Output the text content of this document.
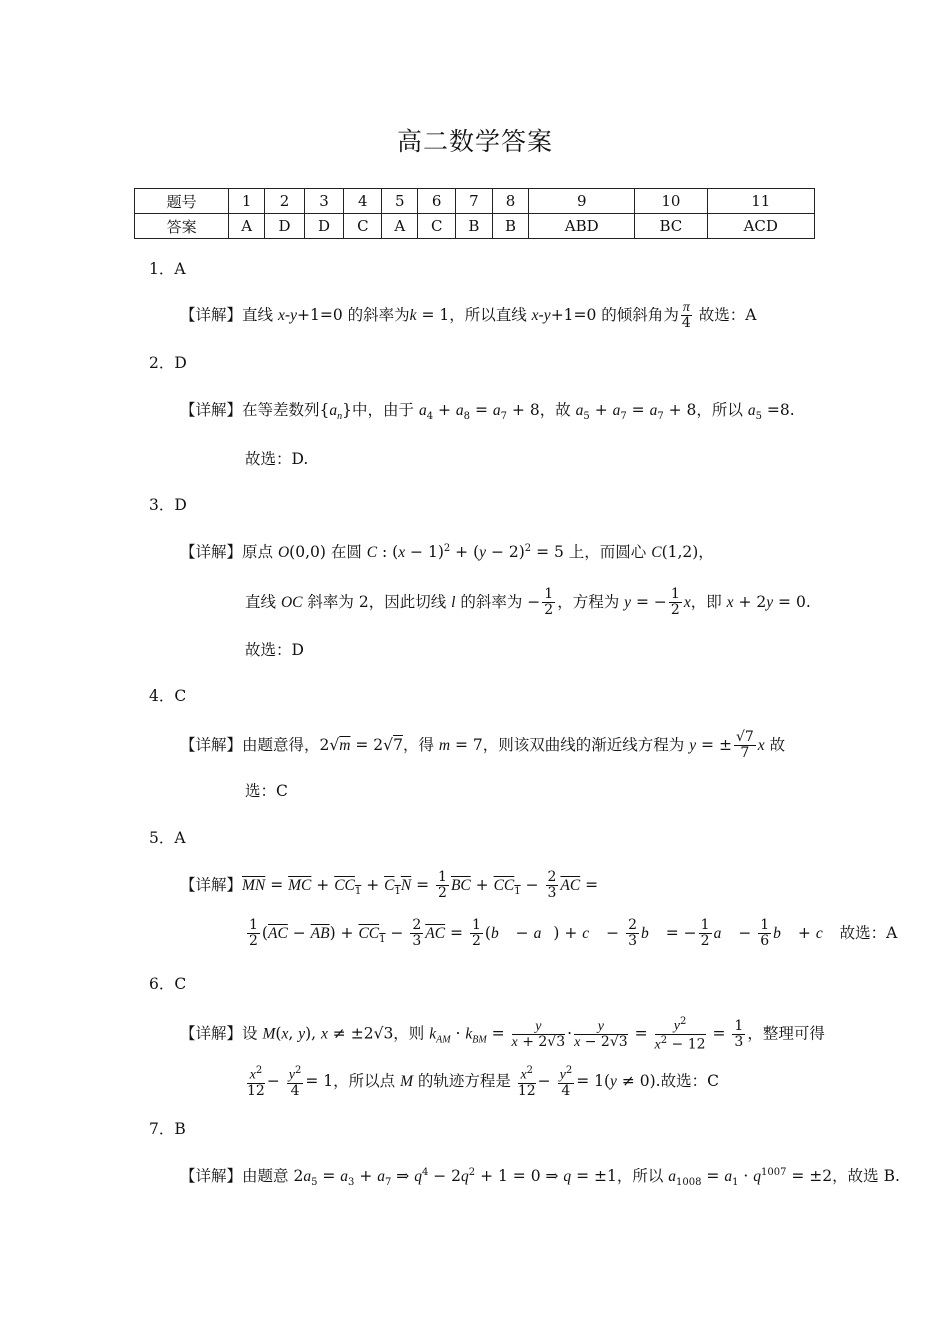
高二数学答案
题号	1	2	3	4	5	6	7	8	9	10	11
答案	A	D	D	C	A	C	B	B	ABD	BC	ACD
1．A
【详解】直线 x-y+1=0 的斜率为k = 1，所以直线 x-y+1=0 的倾斜角为 $\frac{\pi}{4}$ 故选：A
2．D
【详解】在等差数列$\{a_n\}$中，由于 $a_4 + a_8 = a_7 + 8$，故 $a_5 + a_7 = a_7 + 8$，所以 $a_5 =8$.
故选：D.
3．D
【详解】原点 O(0,0) 在圆 C : $(x - 1)^2 + (y - 2)^2 = 5$ 上，而圆心 C(1,2)，
直线 OC 斜率为 2，因此切线 l 的斜率为 − $\frac{1}{2}$ ，方程为 y = − $\frac{1}{2}$ x，即 x + 2y = 0.
故选：D
4．C
【详解】由题意得，2√m = 2√7，得 m = 7，则该双曲线的渐近线方程为 y = ± $\frac{√7}{7}$ x 故
选：C
5．A
【详解】$\overline{MN} = \overline{MC} + CC_1 + C_1N = \frac{1}{2} \overline{BC} + CC_1 - \frac{2}{3} \overline{AC}$ =
$\frac{1}{2} (\overline{AC} - \overline{AB}) + CC_1 - \frac{2}{3} \overline{AC} = \frac{1}{2}$ (b⃗ − a⃗) + c⃗ − $\frac{2}{3}$ b⃗ = − $\frac{1}{2}$ a⃗ − $\frac{1}{6}$ b⃗ + c⃗ 故选：A
6．C
【详解】设 M(x, y), x ≠ ±2√3，则 $k_{AM} \cdot k_{BM} = \frac{y}{x + 2√3} \cdot \frac{y}{x - 2√3} = \frac{y^2}{x^2 - 12} = \frac{1}{3}$ ，整理可得
$\frac{x^2}{12} - \frac{y^2}{4} = 1$，所以点 M 的轨迹方程是 $\frac{x^2}{12} - \frac{y^2}{4} = 1(y \ne 0)$.故选：C
7．B
【详解】由题意 $2a_5 = a_3 + a_7$ ⇒ $q^4 - 2q^2 + 1 = 0$ ⇒ q = ±1，所以 $a_{1008} = a_1 \cdot q^{1007} = \pm 2$，故选 B.
